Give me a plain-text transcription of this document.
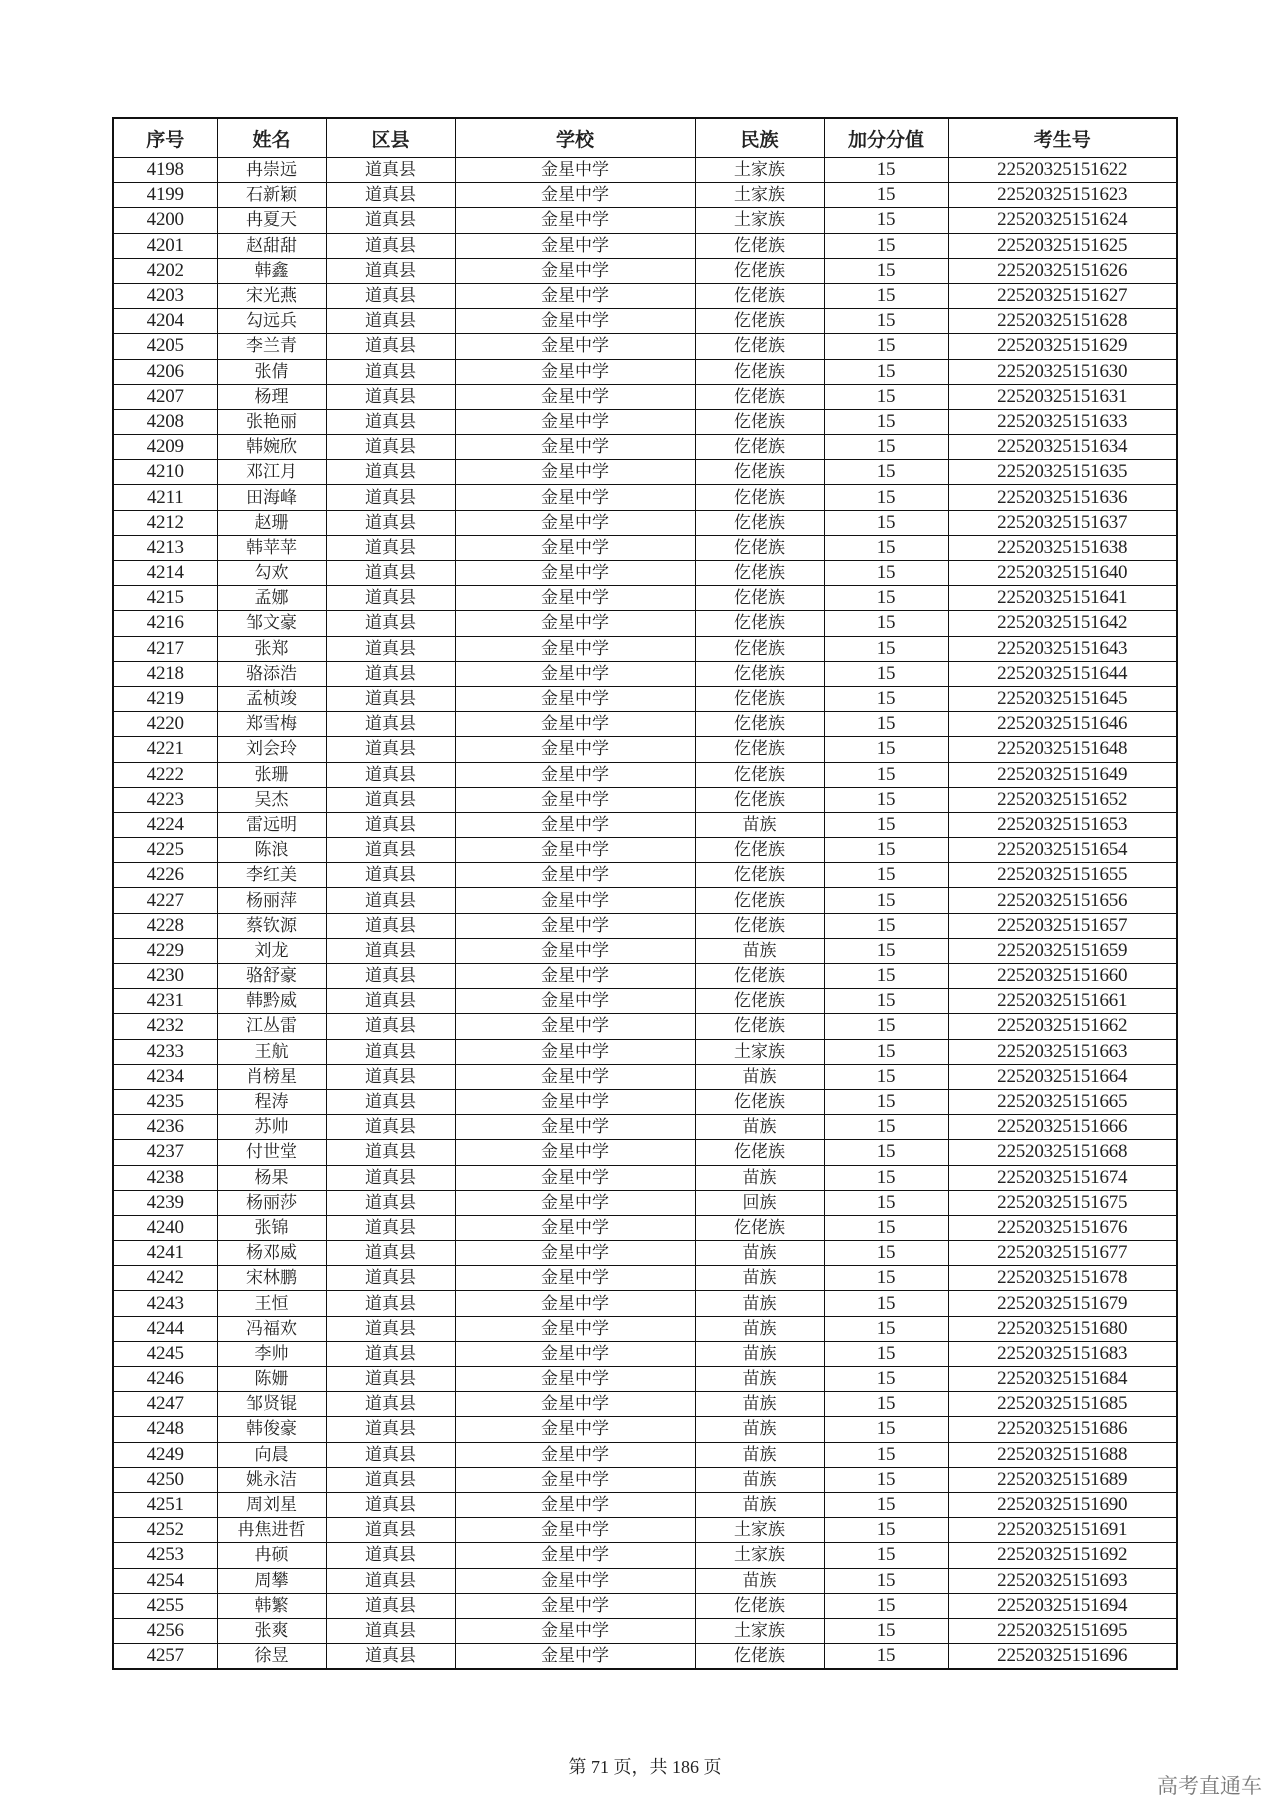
序号	姓名	区县	学校	民族	加分分值	考生号
4198	冉崇远	道真县	金星中学	土家族	15	22520325151622
4199	石新颖	道真县	金星中学	土家族	15	22520325151623
4200	冉夏天	道真县	金星中学	土家族	15	22520325151624
4201	赵甜甜	道真县	金星中学	仡佬族	15	22520325151625
4202	韩鑫	道真县	金星中学	仡佬族	15	22520325151626
4203	宋光燕	道真县	金星中学	仡佬族	15	22520325151627
4204	勾远兵	道真县	金星中学	仡佬族	15	22520325151628
4205	李兰青	道真县	金星中学	仡佬族	15	22520325151629
4206	张倩	道真县	金星中学	仡佬族	15	22520325151630
4207	杨理	道真县	金星中学	仡佬族	15	22520325151631
4208	张艳丽	道真县	金星中学	仡佬族	15	22520325151633
4209	韩婉欣	道真县	金星中学	仡佬族	15	22520325151634
4210	邓江月	道真县	金星中学	仡佬族	15	22520325151635
4211	田海峰	道真县	金星中学	仡佬族	15	22520325151636
4212	赵珊	道真县	金星中学	仡佬族	15	22520325151637
4213	韩苹苹	道真县	金星中学	仡佬族	15	22520325151638
4214	勾欢	道真县	金星中学	仡佬族	15	22520325151640
4215	孟娜	道真县	金星中学	仡佬族	15	22520325151641
4216	邹文豪	道真县	金星中学	仡佬族	15	22520325151642
4217	张郑	道真县	金星中学	仡佬族	15	22520325151643
4218	骆添浩	道真县	金星中学	仡佬族	15	22520325151644
4219	孟桢竣	道真县	金星中学	仡佬族	15	22520325151645
4220	郑雪梅	道真县	金星中学	仡佬族	15	22520325151646
4221	刘会玲	道真县	金星中学	仡佬族	15	22520325151648
4222	张珊	道真县	金星中学	仡佬族	15	22520325151649
4223	吴杰	道真县	金星中学	仡佬族	15	22520325151652
4224	雷远明	道真县	金星中学	苗族	15	22520325151653
4225	陈浪	道真县	金星中学	仡佬族	15	22520325151654
4226	李红美	道真县	金星中学	仡佬族	15	22520325151655
4227	杨丽萍	道真县	金星中学	仡佬族	15	22520325151656
4228	蔡钦源	道真县	金星中学	仡佬族	15	22520325151657
4229	刘龙	道真县	金星中学	苗族	15	22520325151659
4230	骆舒豪	道真县	金星中学	仡佬族	15	22520325151660
4231	韩黔威	道真县	金星中学	仡佬族	15	22520325151661
4232	江丛雷	道真县	金星中学	仡佬族	15	22520325151662
4233	王航	道真县	金星中学	土家族	15	22520325151663
4234	肖榜星	道真县	金星中学	苗族	15	22520325151664
4235	程涛	道真县	金星中学	仡佬族	15	22520325151665
4236	苏帅	道真县	金星中学	苗族	15	22520325151666
4237	付世堂	道真县	金星中学	仡佬族	15	22520325151668
4238	杨果	道真县	金星中学	苗族	15	22520325151674
4239	杨丽莎	道真县	金星中学	回族	15	22520325151675
4240	张锦	道真县	金星中学	仡佬族	15	22520325151676
4241	杨邓威	道真县	金星中学	苗族	15	22520325151677
4242	宋林鹏	道真县	金星中学	苗族	15	22520325151678
4243	王恒	道真县	金星中学	苗族	15	22520325151679
4244	冯福欢	道真县	金星中学	苗族	15	22520325151680
4245	李帅	道真县	金星中学	苗族	15	22520325151683
4246	陈姗	道真县	金星中学	苗族	15	22520325151684
4247	邹贤锟	道真县	金星中学	苗族	15	22520325151685
4248	韩俊豪	道真县	金星中学	苗族	15	22520325151686
4249	向晨	道真县	金星中学	苗族	15	22520325151688
4250	姚永洁	道真县	金星中学	苗族	15	22520325151689
4251	周刘星	道真县	金星中学	苗族	15	22520325151690
4252	冉焦进哲	道真县	金星中学	土家族	15	22520325151691
4253	冉硕	道真县	金星中学	土家族	15	22520325151692
4254	周攀	道真县	金星中学	苗族	15	22520325151693
4255	韩繁	道真县	金星中学	仡佬族	15	22520325151694
4256	张爽	道真县	金星中学	土家族	15	22520325151695
4257	徐昱	道真县	金星中学	仡佬族	15	22520325151696
第 71 页，共 186 页
高考直通车
